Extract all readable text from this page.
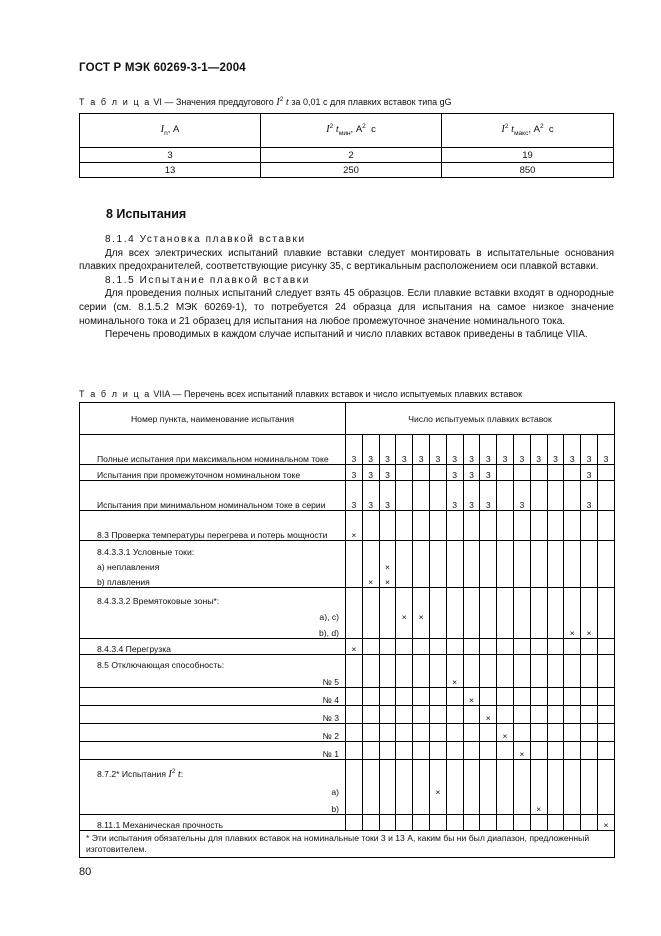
ГОСТ Р МЭК 60269-3-1—2004
Т а б л и ц а VI — Значения преддугового $I^2$ t за 0,01 с для плавких вставок типа gG
$I_n$, А	$I^2$ $t_{мин}$, $А^2$ с	$I^2$ $t_{макс}$, $А^2$ с
3	2	19
13	250	850
8 Испытания
8.1.4 Установка плавкой вставки
Для всех электрических испытаний плавкие вставки следует монтировать в испытательные основания плавких предохранителей, соответствующие рисунку 35, с вертикальным расположением оси плавкой вставки.
8.1.5 Испытание плавкой вставки
Для проведения полных испытаний следует взять 45 образцов. Если плавкие вставки входят в однородные серии (см. 8.1.5.2 МЭК 60269-1), то потребуется 24 образца для испытания на самое низкое значение номинального тока и 21 образец для испытания на любое промежуточное значение номинального тока.
Перечень проводимых в каждом случае испытаний и число плавких вставок приведены в таблице VIIA.
Т а б л и ц а VIIA — Перечень всех испытаний плавких вставок и число испытуемых плавких вставок
Номер пункта, наименование испытания	Число испытуемых плавких вставок															
Полные испытания при максимальном номинальном токе	3	3	3	3	3	3	3	3	3	3	3	3	3	3	3	3
Испытания при промежуточном номинальном токе	3	3	3				3	3	3						3	
Испытания при минимальном номинальном токе в серии	3	3	3				3	3	3		3				3	
8.3 Проверка температуры перегрева и потерь мощности	×															
8.4.3.3.1 Условные токи:																
а) неплавления			×													
b) плавления		×	×													
8.4.3.3.2 Времятоковые зоны*:																
а), с)				×	×											
b), d)														×	×	
8.4.3.4 Перегрузка	×															
8.5 Отключающая способность:																
№ 5							×									
№ 4								×								
№ 3									×							
№ 2										×						
№ 1											×					
8.7.2* Испытания $I^2$ t:																
а)						×										
b)												×				
8.11.1 Механическая прочность																×
* Эти испытания обязательны для плавких вставок на номинальные токи 3 и 13 А, каким бы ни был диапазон, предложенный изготовителем.																
80
